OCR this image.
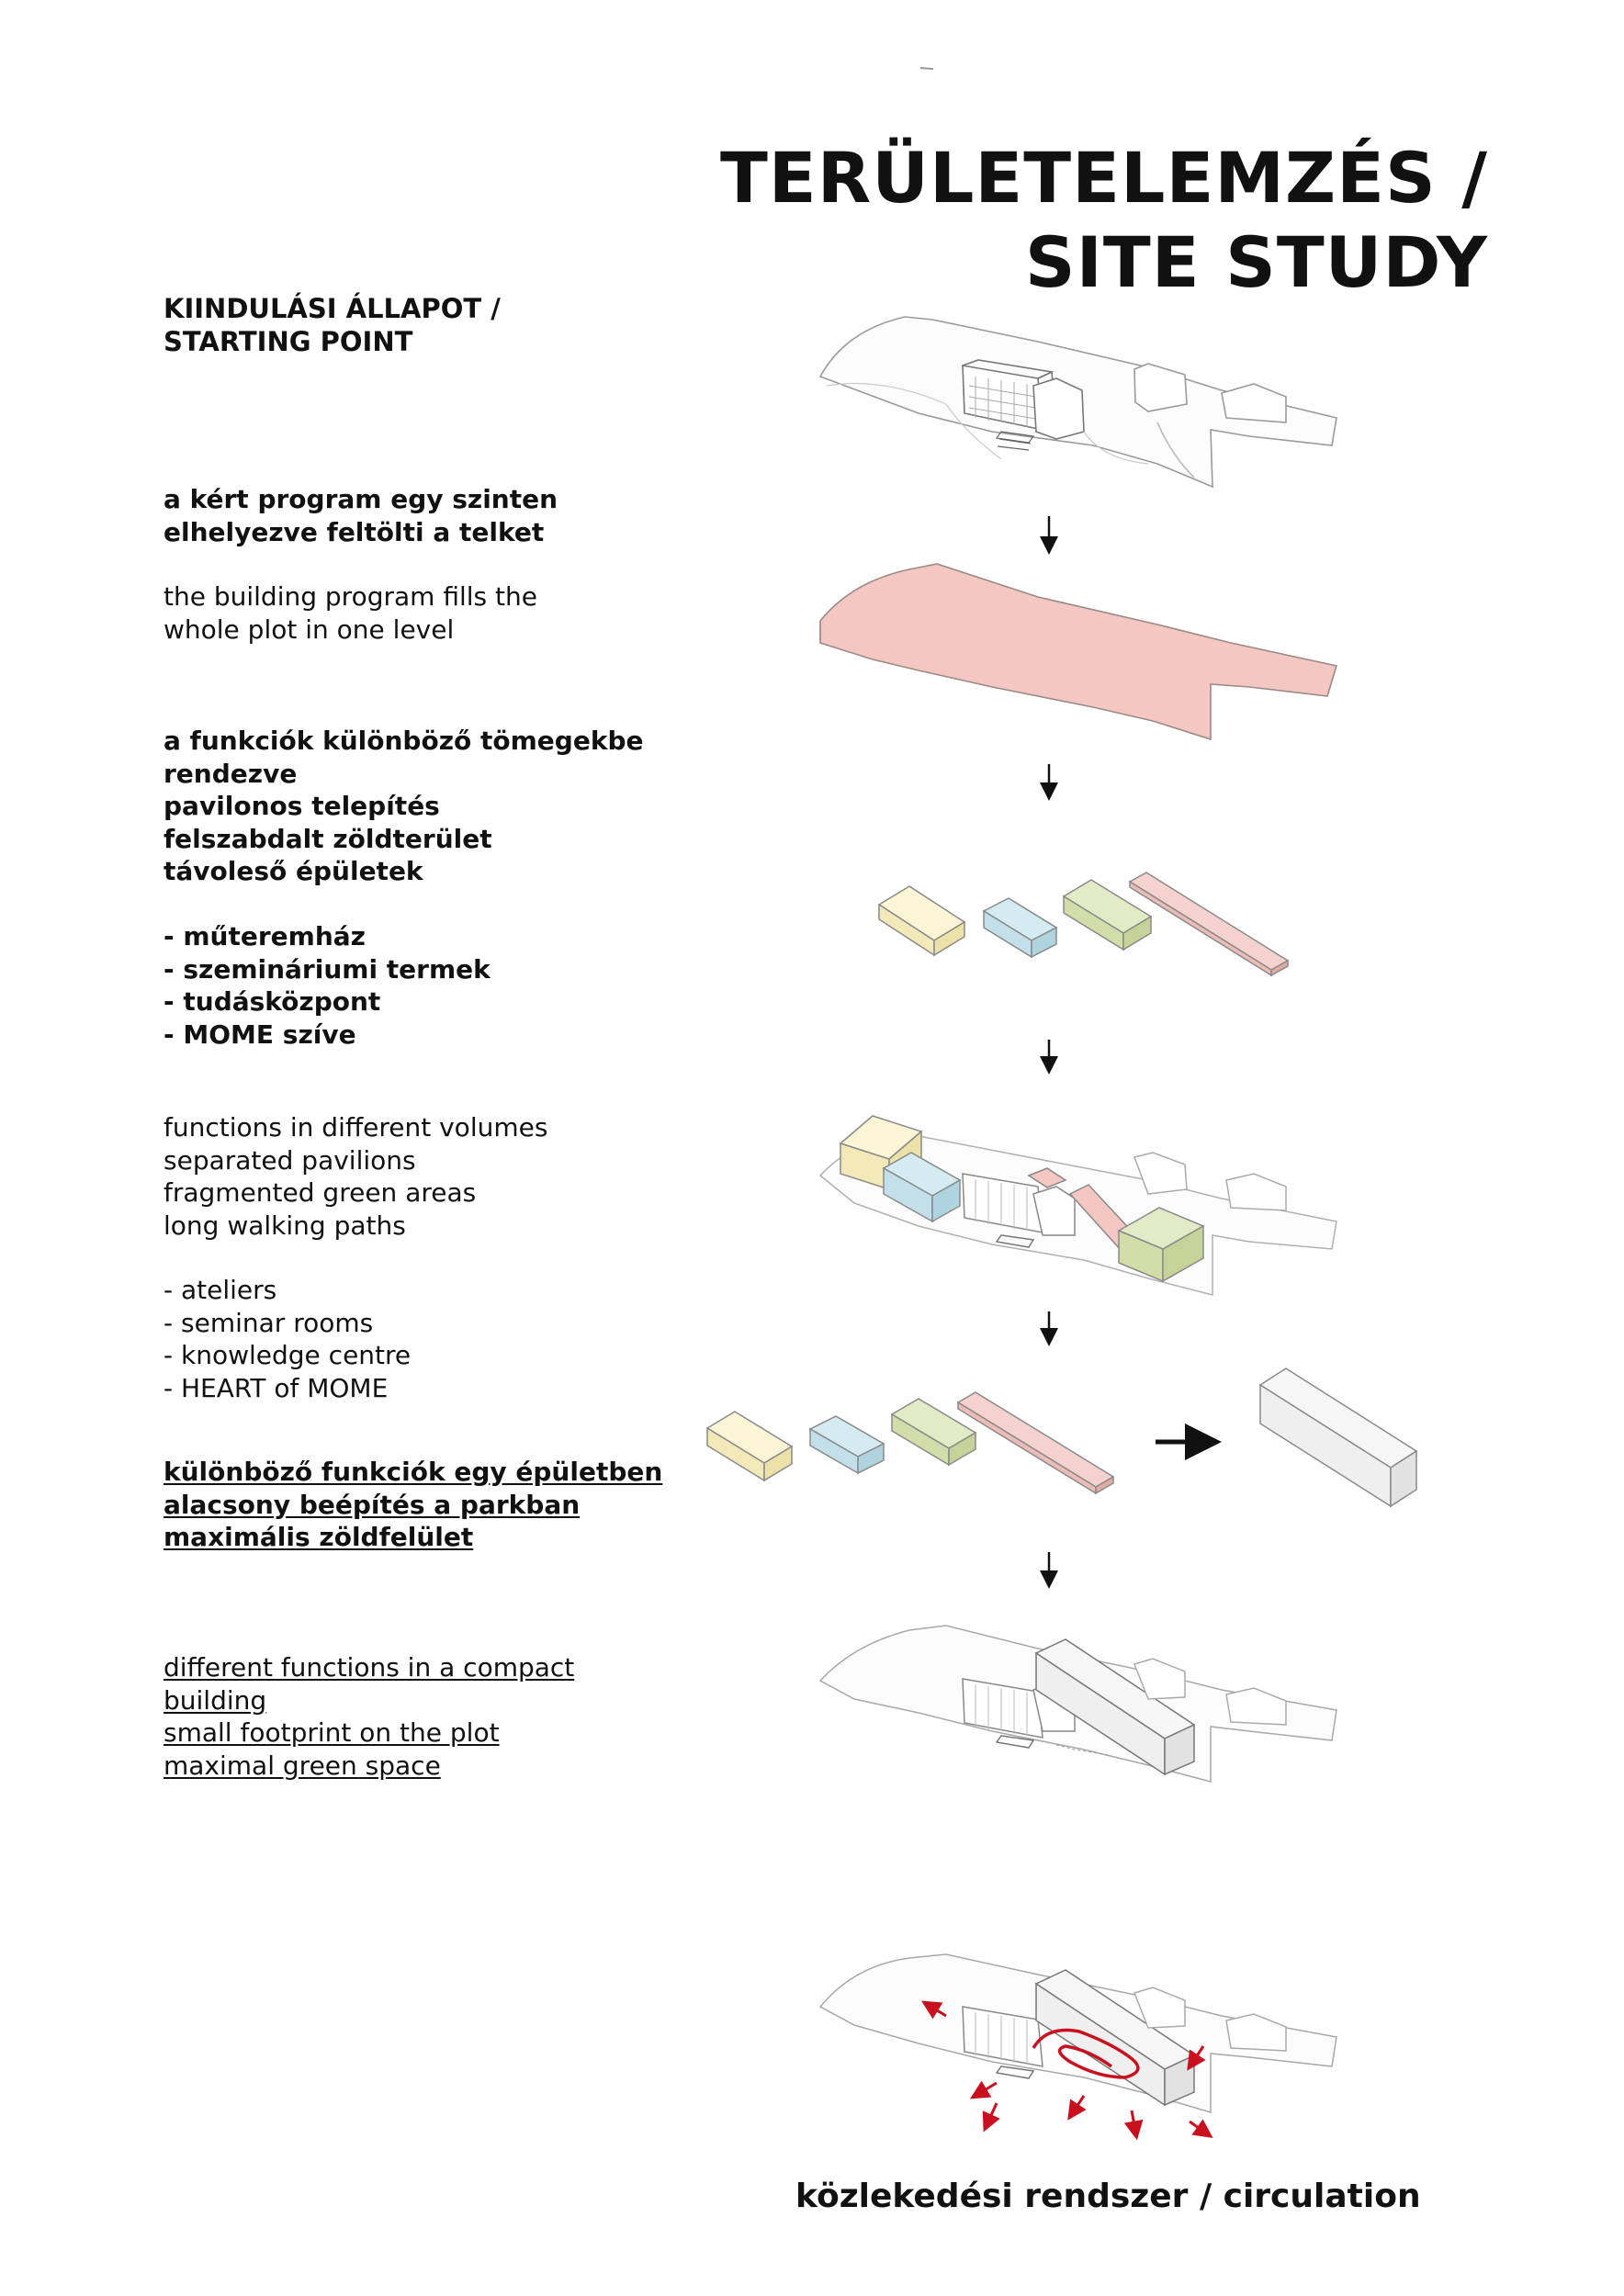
TERÜLETELEMZÉS /
SITE STUDY
KIINDULÁSI ÁLLAPOT /
STARTING POINT
a kért program egy szinten
elhelyezve feltölti a telket
the building program fills the
whole plot in one level
a funkciók különböző tömegekbe
rendezve
pavilonos telepítés
felszabdalt zöldterület
távoleső épületek
- műteremház
- szemináriumi termek
- tudásközpont
- MOME szíve
functions in different volumes
separated pavilions
fragmented green areas
long walking paths
- ateliers
- seminar rooms
- knowledge centre
- HEART of MOME
különböző funkciók egy épületben
alacsony beépítés a parkban
maximális zöldfelület
different functions in a compact
building
small footprint on the plot
maximal green space
közlekedési rendszer / circulation
